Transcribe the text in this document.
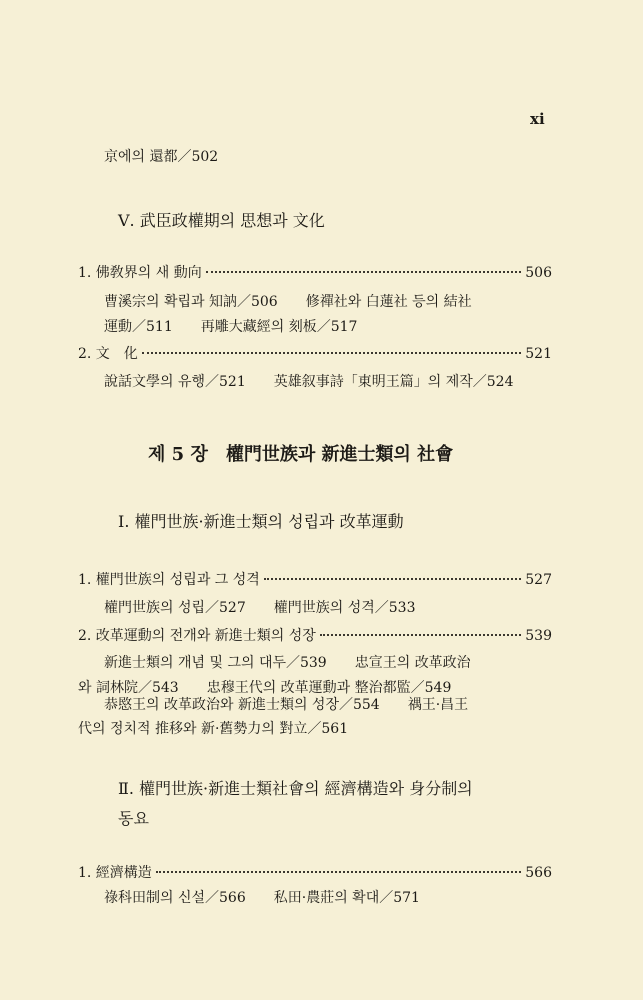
xi
京에의 還都／502
Ⅴ. 武臣政權期의 思想과 文化
1. 佛敎界의 새 動向	506
曹溪宗의 확립과 知訥／506　　修禪社와 白蓮社 등의 結社
運動／511　　再雕大藏經의 刻板／517
2. 文　化	521
說話文學의 유행／521　　英雄叙事詩「東明王篇」의 제작／524
제 5 장　權門世族과 新進士類의 社會
Ⅰ. 權門世族·新進士類의 성립과 改革運動
1. 權門世族의 성립과 그 성격	527
權門世族의 성립／527　　權門世族의 성격／533
2. 改革運動의 전개와 新進士類의 성장	539
新進士類의 개념 및 그의 대두／539　　忠宣王의 改革政治
와 詞林院／543　　忠穆王代의 改革運動과 整治都監／549
恭愍王의 改革政治와 新進士類의 성장／554　　禑王·昌王
代의 정치적 推移와 新·舊勢力의 對立／561
Ⅱ. 權門世族·新進士類社會의 經濟構造와 身分制의
동요
1. 經濟構造	566
祿科田制의 신설／566　　私田·農莊의 확대／571
